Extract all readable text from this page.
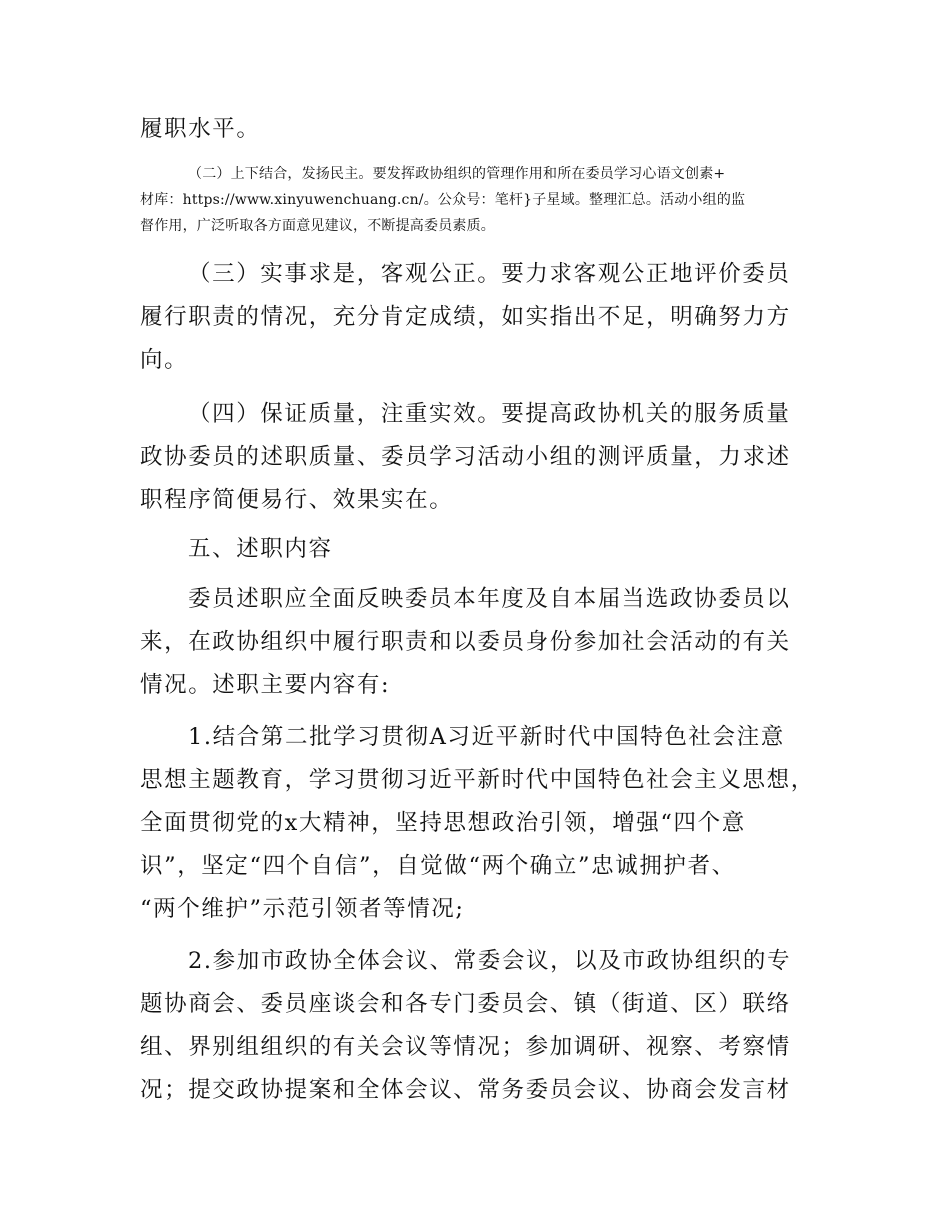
履职水平。

（二）上下结合，发扬民主。要发挥政协组织的管理作用和所在委员学习心语文创素+
材库：https://www.xinyuwenchuang.cn/。公众号：笔杆}子星域。整理汇总。活动小组的监
督作用，广泛听取各方面意见建议，不断提高委员素质。

（三）实事求是，客观公正。要力求客观公正地评价委员
履行职责的情况，充分肯定成绩，如实指出不足，明确努力方
向。

（四）保证质量，注重实效。要提高政协机关的服务质量
政协委员的述职质量、委员学习活动小组的测评质量，力求述
职程序简便易行、效果实在。

五、述职内容

委员述职应全面反映委员本年度及自本届当选政协委员以
来，在政协组织中履行职责和以委员身份参加社会活动的有关
情况。述职主要内容有:

1.结合第二批学习贯彻A习近平新时代中国特色社会注意
思想主题教育，学习贯彻习近平新时代中国特色社会主义思想，
全面贯彻党的x大精神，坚持思想政治引领，增强“四个意
识”，坚定“四个自信”，自觉做“两个确立”忠诚拥护者、
“两个维护”示范引领者等情况;

2.参加市政协全体会议、常委会议，以及市政协组织的专
题协商会、委员座谈会和各专门委员会、镇（街道、区）联络
组、界别组组织的有关会议等情况；参加调研、视察、考察情
况；提交政协提案和全体会议、常务委员会议、协商会发言材
